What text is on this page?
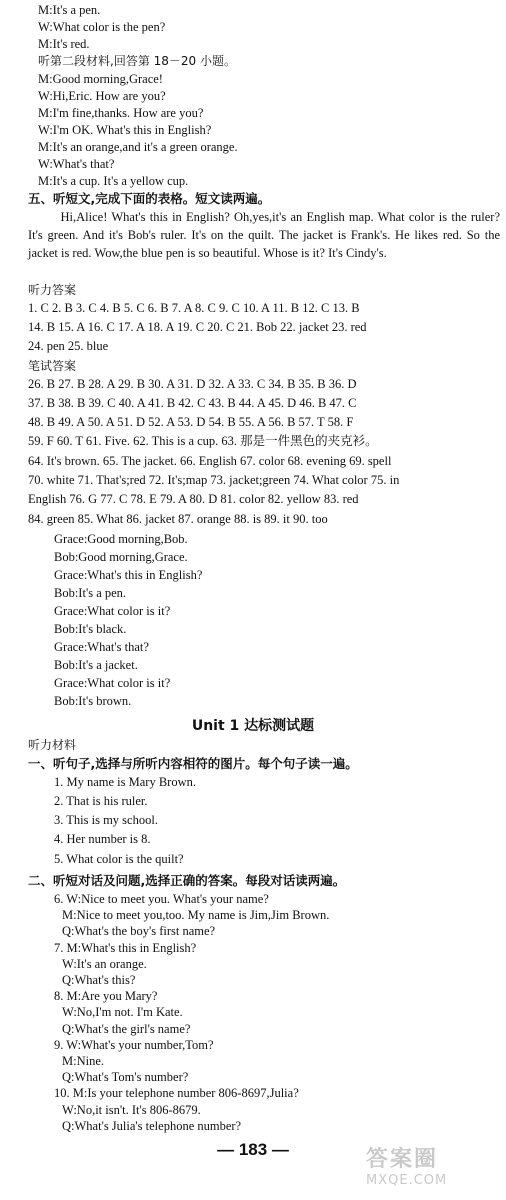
M:It's a pen.
W:What color is the pen?
M:It's red.
听第二段材料,回答第 18－20 小题。
M:Good morning,Grace!
W:Hi,Eric. How are you?
M:I'm fine,thanks. How are you?
W:I'm OK. What's this in English?
M:It's an orange,and it's a green orange.
W:What's that?
M:It's a cup. It's a yellow cup.
五、听短文,完成下面的表格。短文读两遍。
Hi,Alice! What's this in English? Oh,yes,it's an English map. What color is the ruler? It's green. And it's Bob's ruler. It's on the quilt. The jacket is Frank's. He likes red. So the jacket is red. Wow,the blue pen is so beautiful. Whose is it? It's Cindy's.
听力答案
1. C 2. B 3. C 4. B 5. C 6. B 7. A 8. C 9. C 10. A 11. B 12. C 13. B
14. B 15. A 16. C 17. A 18. A 19. C 20. C 21. Bob 22. jacket 23. red
24. pen 25. blue
笔试答案
26. B 27. B 28. A 29. B 30. A 31. D 32. A 33. C 34. B 35. B 36. D
37. B 38. B 39. C 40. A 41. B 42. C 43. B 44. A 45. D 46. B 47. C
48. B 49. A 50. A 51. D 52. A 53. D 54. B 55. A 56. B 57. T 58. F
59. F 60. T 61. Five. 62. This is a cup. 63. 那是一件黑色的夹克衫。
64. It's brown. 65. The jacket. 66. English 67. color 68. evening 69. spell
70. white 71. That's;red 72. It's;map 73. jacket;green 74. What color 75. in
English 76. G 77. C 78. E 79. A 80. D 81. color 82. yellow 83. red
84. green 85. What 86. jacket 87. orange 88. is 89. it 90. too
Grace:Good morning,Bob.
Bob:Good morning,Grace.
Grace:What's this in English?
Bob:It's a pen.
Grace:What color is it?
Bob:It's black.
Grace:What's that?
Bob:It's a jacket.
Grace:What color is it?
Bob:It's brown.
Unit 1 达标测试题
听力材料
一、听句子,选择与所听内容相符的图片。每个句子读一遍。
1. My name is Mary Brown.
2. That is his ruler.
3. This is my school.
4. Her number is 8.
5. What color is the quilt?
二、听短对话及问题,选择正确的答案。每段对话读两遍。
6. W:Nice to meet you. What's your name?
M:Nice to meet you,too. My name is Jim,Jim Brown.
Q:What's the boy's first name?
7. M:What's this in English?
W:It's an orange.
Q:What's this?
8. M:Are you Mary?
W:No,I'm not. I'm Kate.
Q:What's the girl's name?
9. W:What's your number,Tom?
M:Nine.
Q:What's Tom's number?
10. M:Is your telephone number 806-8697,Julia?
W:No,it isn't. It's 806-8679.
Q:What's Julia's telephone number?
— 183 —	答案圈
MXQE.COM
